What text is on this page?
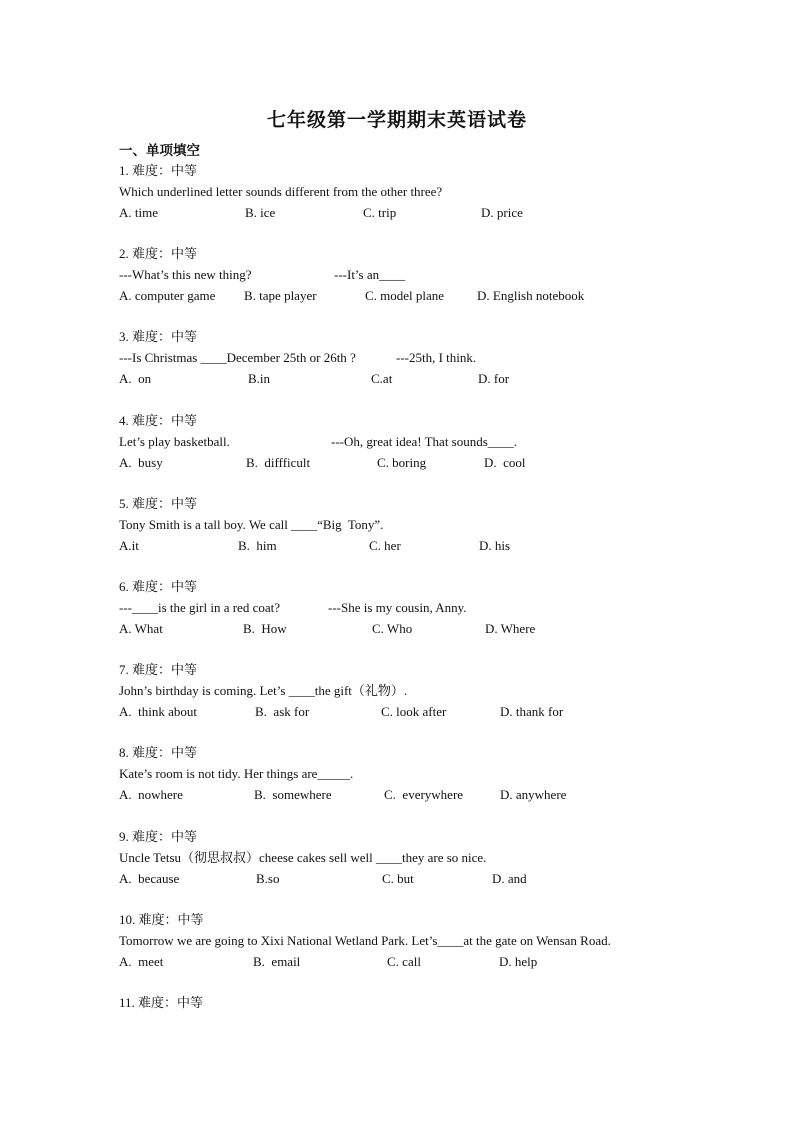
七年级第一学期期末英语试卷
一、单项填空
1. 难度：中等
Which underlined letter sounds different from the other three?
A. time	B. ice	C. trip	D. price
2. 难度：中等
---What’s this new thing?	---It’s an____
A. computer game B. tape player	C. model plane	D. English notebook
3. 难度：中等
---Is Christmas ____December 25th or 26th ?	---25th, I think.
A.  on	B.in	C.at	D. for
4. 难度：中等
Let’s play basketball.	---Oh, great idea! That sounds____.
A.  busy	B.  diffficult	C. boring	D.  cool
5. 难度：中等
Tony Smith is a tall boy. We call ____“Big  Tony”.
A.it	B.  him	C. her	D. his
6. 难度：中等
---____is the girl in a red coat?	---She is my cousin, Anny.
A. What	B.  How	C. Who	D. Where
7. 难度：中等
John’s birthday is coming. Let’s ____the gift（礼物）.
A.  think about	B.  ask for	C. look after	D. thank for
8. 难度：中等
Kate’s room is not tidy. Her things are_____.
A.  nowhere	B.  somewhere	C.  everywhere	D. anywhere
9. 难度：中等
Uncle Tetsu（彻思叔叔）cheese cakes sell well ____they are so nice.
A.  because	B.so	C. but	D. and
10. 难度：中等
Tomorrow we are going to Xixi National Wetland Park. Let’s____at the gate on Wensan Road.
A.  meet	B.  email	C. call	D. help
11. 难度：中等
